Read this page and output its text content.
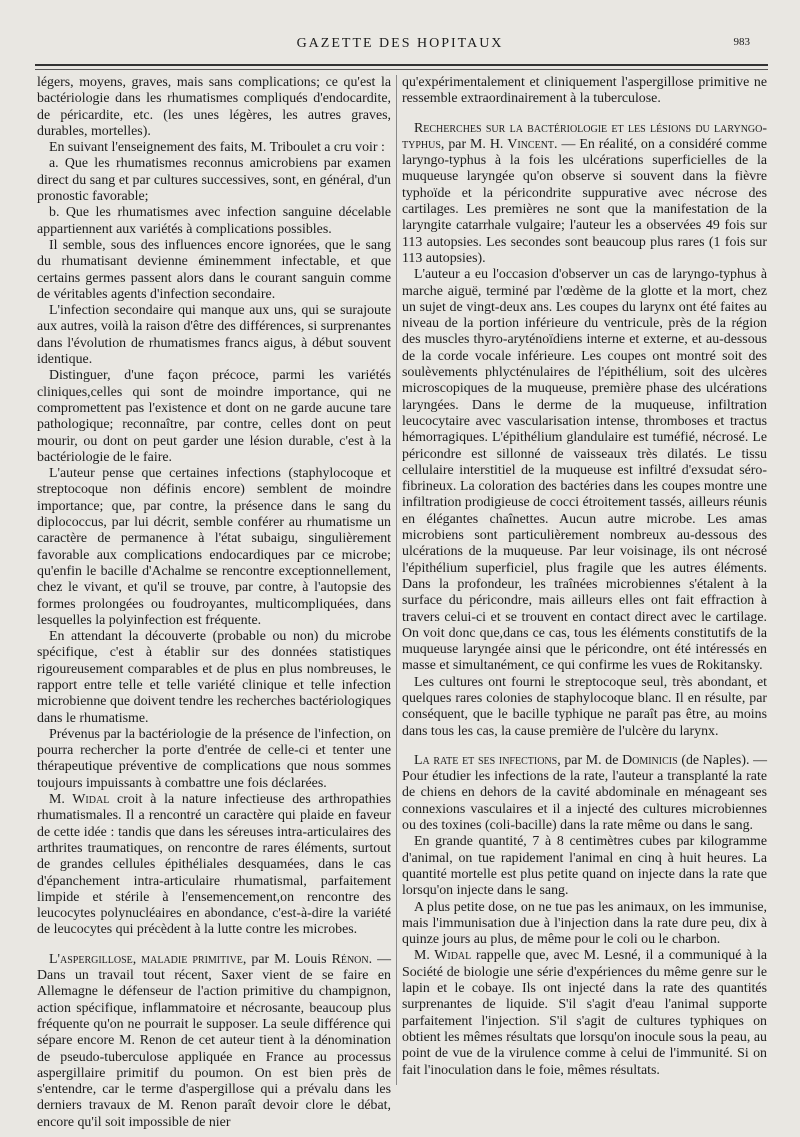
GAZETTE DES HOPITAUX	983

légers, moyens, graves, mais sans complications; ce qu'est la bactériologie dans les rhumatismes compliqués d'endocardite, de péricardite, etc. (les unes légères, les autres graves, durables, mortelles).

En suivant l'enseignement des faits, M. Triboulet a cru voir :

a. Que les rhumatismes reconnus amicrobiens par examen direct du sang et par cultures successives, sont, en général, d'un pronostic favorable;

b. Que les rhumatismes avec infection sanguine décelable appartiennent aux variétés à complications possibles.

Il semble, sous des influences encore ignorées, que le sang du rhumatisant devienne éminemment infectable, et que certains germes passent alors dans le courant sanguin comme de véritables agents d'infection secondaire.

L'infection secondaire qui manque aux uns, qui se surajoute aux autres, voilà la raison d'être des différences, si surprenantes dans l'évolution de rhumatismes francs aigus, à début souvent identique.

Distinguer, d'une façon précoce, parmi les variétés cliniques,celles qui sont de moindre importance, qui ne compromettent pas l'existence et dont on ne garde aucune tare pathologique; reconnaître, par contre, celles dont on peut mourir, ou dont on peut garder une lésion durable, c'est à la bactériologie de le faire.

L'auteur pense que certaines infections (staphylocoque et streptocoque non définis encore) semblent de moindre importance; que, par contre, la présence dans le sang du diplococcus, par lui décrit, semble conférer au rhumatisme un caractère de permanence à l'état subaigu, singulièrement favorable aux complications endocardiques par ce microbe; qu'enfin le bacille d'Achalme se rencontre exceptionnellement, chez le vivant, et qu'il se trouve, par contre, à l'autopsie des formes prolongées ou foudroyantes, multicompliquées, dans lesquelles la polyinfection est fréquente.

En attendant la découverte (probable ou non) du microbe spécifique, c'est à établir sur des données statistiques rigoureusement comparables et de plus en plus nombreuses, le rapport entre telle et telle variété clinique et telle infection microbienne que doivent tendre les recherches bactériologiques dans le rhumatisme.

Prévenus par la bactériologie de la présence de l'infection, on pourra rechercher la porte d'entrée de celle-ci et tenter une thérapeutique préventive de complications que nous sommes toujours impuissants à combattre une fois déclarées.

M. Widal croit à la nature infectieuse des arthropathies rhumatismales. Il a rencontré un caractère qui plaide en faveur de cette idée : tandis que dans les séreuses intra-articulaires des arthrites traumatiques, on rencontre de rares éléments, surtout de grandes cellules épithéliales desquamées, dans le cas d'épanchement intra-articulaire rhumatismal, parfaitement limpide et stérile à l'ensemencement,on rencontre des leucocytes polynucléaires en abondance, c'est-à-dire la variété de leucocytes qui précèdent à la lutte contre les microbes.

L'aspergillose, maladie primitive, par M. Louis Rénon. — Dans un travail tout récent, Saxer vient de se faire en Allemagne le défenseur de l'action primitive du champignon, action spécifique, inflammatoire et nécrosante, beaucoup plus fréquente qu'on ne pourrait le supposer. La seule différence qui sépare encore M. Renon de cet auteur tient à la dénomination de pseudo-tuberculose appliquée en France au processus aspergillaire primitif du poumon. On est bien près de s'entendre, car le terme d'aspergillose qui a prévalu dans les derniers travaux de M. Renon paraît devoir clore le débat, encore qu'il soit impossible de nier

qu'expérimentalement et cliniquement l'aspergillose primitive ne ressemble extraordinairement à la tuberculose.

Recherches sur la bactériologie et les lésions du laryngo-typhus, par M. H. Vincent. — En réalité, on a considéré comme laryngo-typhus à la fois les ulcérations superficielles de la muqueuse laryngée qu'on observe si souvent dans la fièvre typhoïde et la péricondrite suppurative avec nécrose des cartilages. Les premières ne sont que la manifestation de la laryngite catarrhale vulgaire; l'auteur les a observées 49 fois sur 113 autopsies. Les secondes sont beaucoup plus rares (1 fois sur 113 autopsies).

L'auteur a eu l'occasion d'observer un cas de laryngo-typhus à marche aiguë, terminé par l'œdème de la glotte et la mort, chez un sujet de vingt-deux ans. Les coupes du larynx ont été faites au niveau de la portion inférieure du ventricule, près de la région des muscles thyro-aryténoïdiens interne et externe, et au-dessous de la corde vocale inférieure. Les coupes ont montré soit des soulèvements phlycténulaires de l'épithélium, soit des ulcères microscopiques de la muqueuse, première phase des ulcérations laryngées. Dans le derme de la muqueuse, infiltration leucocytaire avec vascularisation intense, thromboses et tractus hémorragiques. L'épithélium glandulaire est tuméfié, nécrosé. Le péricondre est sillonné de vaisseaux très dilatés. Le tissu cellulaire interstitiel de la muqueuse est infiltré d'exsudat séro-fibrineux. La coloration des bactéries dans les coupes montre une infiltration prodigieuse de cocci étroitement tassés, ailleurs réunis en élégantes chaînettes. Aucun autre microbe. Les amas microbiens sont particulièrement nombreux au-dessous des ulcérations de la muqueuse. Par leur voisinage, ils ont nécrosé l'épithélium superficiel, plus fragile que les autres éléments. Dans la profondeur, les traînées microbiennes s'étalent à la surface du péricondre, mais ailleurs elles ont fait effraction à travers celui-ci et se trouvent en contact direct avec le cartilage. On voit donc que,dans ce cas, tous les éléments constitutifs de la muqueuse laryngée ainsi que le péricondre, ont été intéressés en masse et simultanément, ce qui confirme les vues de Rokitansky.

Les cultures ont fourni le streptocoque seul, très abondant, et quelques rares colonies de staphylocoque blanc. Il en résulte, par conséquent, que le bacille typhique ne paraît pas être, au moins dans tous les cas, la cause première de l'ulcère du larynx.

La rate et ses infections, par M. de Dominicis (de Naples). — Pour étudier les infections de la rate, l'auteur a transplanté la rate de chiens en dehors de la cavité abdominale en ménageant ses connexions vasculaires et il a injecté des cultures microbiennes ou des toxines (coli-bacille) dans la rate même ou dans le sang.

En grande quantité, 7 à 8 centimètres cubes par kilogramme d'animal, on tue rapidement l'animal en cinq à huit heures. La quantité mortelle est plus petite quand on injecte dans la rate que lorsqu'on injecte dans le sang.

A plus petite dose, on ne tue pas les animaux, on les immunise, mais l'immunisation due à l'injection dans la rate dure peu, dix à quinze jours au plus, de même pour le coli ou le charbon.

M. Widal rappelle que, avec M. Lesné, il a communiqué à la Société de biologie une série d'expériences du même genre sur le lapin et le cobaye. Ils ont injecté dans la rate des quantités surprenantes de liquide. S'il s'agit d'eau l'animal supporte parfaitement l'injection. S'il s'agit de cultures typhiques on obtient les mêmes résultats que lorsqu'on inocule sous la peau, au point de vue de la virulence comme à celui de l'immunité. Si on fait l'inoculation dans le foie, mêmes résultats.
